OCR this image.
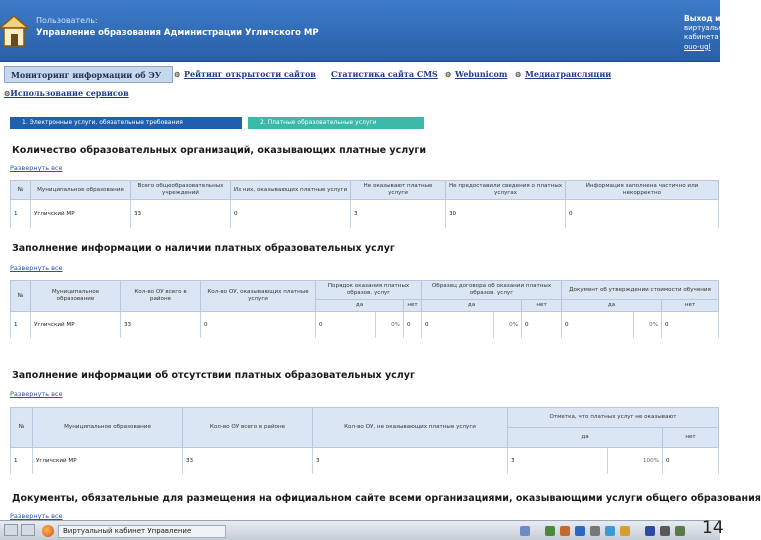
Пользователь:
Управление образования Администрации Угличского МР
Выход из
виртуальн
кабинета
ouo-ugl
Мониторинг информации об ЭУ	⚙ Рейтинг открытости сайтов Статистика сайта CMS ⚙ Webunicom ⚙ Медиатрансляции
⚙Использование сервисов
1. Электронные услуги, обязательные требования	2. Платные образовательные услуги
Количество образовательных организаций, оказывающих платные услуги
Развернуть все
№	Муниципальное образование	Всего общеобразовательных учреждений	Из них, оказывающих платные услуги	Не оказывают платные услуги	Не предоставили сведения о платных услугах	Информация заполнена частично или некорректно
1	Угличский МР	33	0	3	30	0
Заполнение информации о наличии платных образовательных услуг
Развернуть все
№	Муниципальное образование	Кол-во ОУ всего в районе	Кол-во ОУ, оказывающих платные услуги	Порядок оказания платных образов. услуг			Образец договора об оказании платных образов. услуг			Документ об утверждении стоимости обучения		
				да		нет	да		нет	да		нет
1	Угличский МР	33	0	0	0%	0	0	0%	0	0	0%	0
Заполнение информации об отсутствии платных образовательных услуг
Развернуть все
№	Муниципальное образование	Кол-во ОУ всего в районе	Кол-во ОУ, не оказывающих платные услуги	Отметка, что платных услуг не оказывают		
				да		нет
1	Угличский МР	33	3	3	100%	0
Документы, обязательные для размещения на официальном сайте всеми организациями, оказывающими услуги общего образования
Развернуть все
Виртуальный кабинет Управление	14
